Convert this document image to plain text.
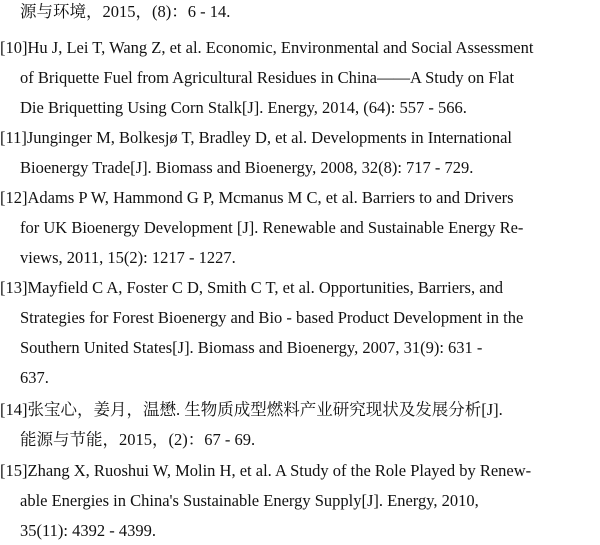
源与环境，2015，(8)：6 - 14.
[10]Hu J, Lei T, Wang Z, et al. Economic, Environmental and Social Assessment
of Briquette Fuel from Agricultural Residues in China——A Study on Flat
Die Briquetting Using Corn Stalk[J]. Energy, 2014, (64): 557 - 566.
[11]Junginger M, Bolkesjø T, Bradley D, et al. Developments in International
Bioenergy Trade[J]. Biomass and Bioenergy, 2008, 32(8): 717 - 729.
[12]Adams P W, Hammond G P, Mcmanus M C, et al. Barriers to and Drivers
for UK Bioenergy Development [J]. Renewable and Sustainable Energy Re-
views, 2011, 15(2): 1217 - 1227.
[13]Mayfield C A, Foster C D, Smith C T, et al. Opportunities, Barriers, and
Strategies for Forest Bioenergy and Bio - based Product Development in the
Southern United States[J]. Biomass and Bioenergy, 2007, 31(9): 631 -
637.
[14]张宝心，姜月，温懋. 生物质成型燃料产业研究现状及发展分析[J].
能源与节能，2015，(2)：67 - 69.
[15]Zhang X, Ruoshui W, Molin H, et al. A Study of the Role Played by Renew-
able Energies in China's Sustainable Energy Supply[J]. Energy, 2010,
35(11): 4392 - 4399.
